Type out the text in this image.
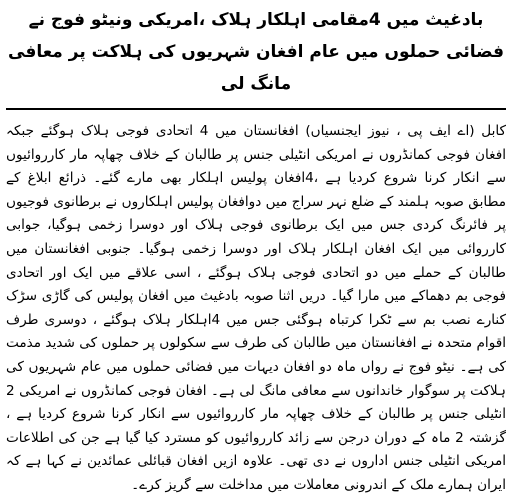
بادغیث میں 4مقامی اہلکار ہلاک ،امریکی ونیٹو فوج نے فضائی حملوں میں عام افغان شہریوں کی ہلاکت پر معافی مانگ لی

کابل (اے ایف پی ، نیوز ایجنسیاں) افغانستان میں 4 اتحادی فوجی ہلاک ہوگئے جبکہ افغان فوجی کمانڈروں نے امریکی انٹیلی جنس پر طالبان کے خلاف چھاپہ مار کارروائیوں سے انکار کرنا شروع کردیا ہے ،4افغان پولیس اہلکار بھی مارے گئے۔ ذرائع ابلاغ کے مطابق صوبہ ہلمند کے ضلع نہر سراج میں دوافغان پولیس اہلکاروں نے برطانوی فوجیوں پر فائرنگ کردی جس میں ایک برطانوی فوجی ہلاک اور دوسرا زخمی ہوگیا، جوابی کارروائی میں ایک افغان اہلکار ہلاک اور دوسرا زخمی ہوگیا۔ جنوبی افغانستان میں طالبان کے حملے میں دو اتحادی فوجی ہلاک ہوگئے ، اسی علاقے میں ایک اور اتحادی فوجی بم دھماکے میں مارا گیا۔ دریں اثنا صوبہ بادغیث میں افغان پولیس کی گاڑی سڑک کنارے نصب بم سے ٹکرا کرتباہ ہوگئی جس میں 4اہلکار ہلاک ہوگئے ، دوسری طرف اقوام متحدہ نے افغانستان میں طالبان کی طرف سے سکولوں پر حملوں کی شدید مذمت کی ہے۔ نیٹو فوج نے رواں ماہ دو افغان دیہات میں فضائی حملوں میں عام شہریوں کی ہلاکت پر سوگوار خاندانوں سے معافی مانگ لی ہے۔ افغان فوجی کمانڈروں نے امریکی 2 انٹیلی جنس پر طالبان کے خلاف چھاپہ مار کارروائیوں سے انکار کرنا شروع کردیا ہے ، گزشتہ 2 ماہ کے دوران درجن سے زائد کارروائیوں کو مسترد کیا گیا ہے جن کی اطلاعات امریکی انٹیلی جنس اداروں نے دی تھی۔ علاوہ ازیں افغان قبائلی عمائدین نے کہا ہے کہ ایران ہمارے ملک کے اندرونی معاملات میں مداخلت سے گریز کرے۔
